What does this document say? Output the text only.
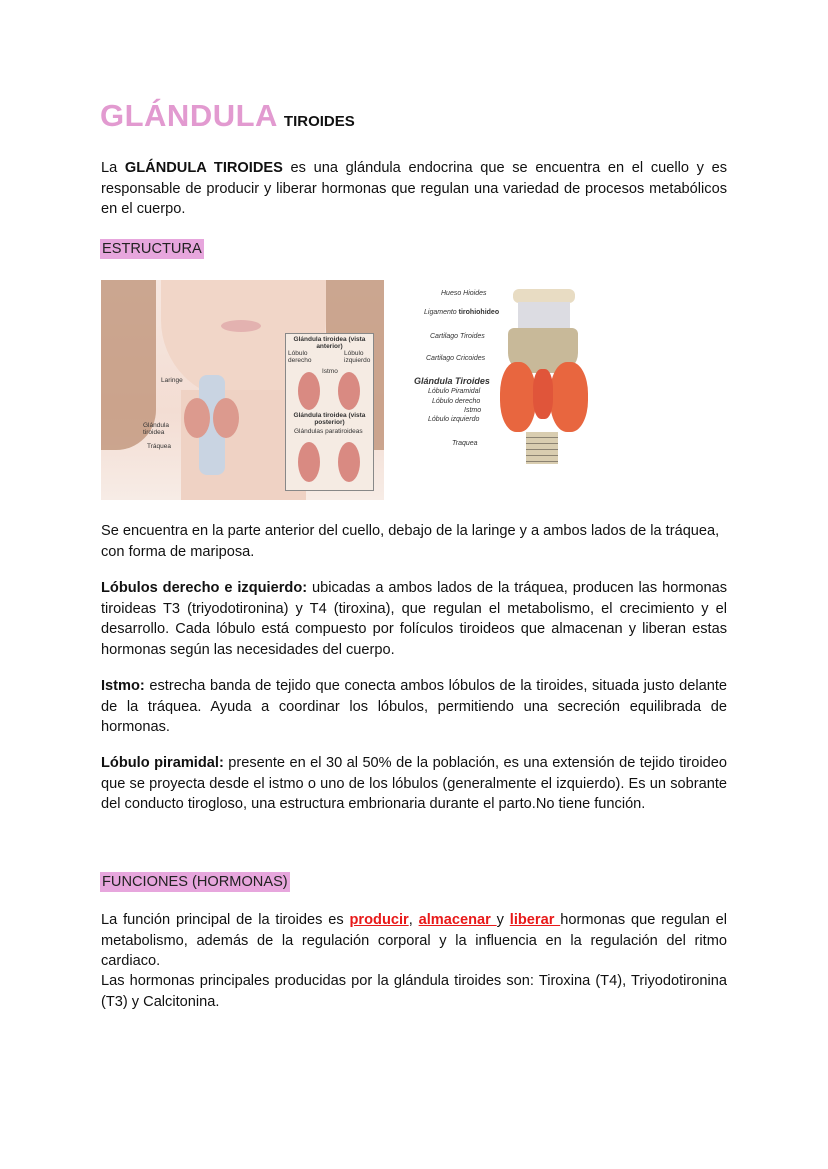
GLÁNDULA TIROIDES

La GLÁNDULA TIROIDES es una glándula endocrina que se encuentra en el cuello y es responsable de producir y liberar hormonas que regulan una variedad de procesos metabólicos en el cuerpo.

ESTRUCTURA
Laringe
Glándula tiroidea
Tráquea
Glándula tiroidea (vista anterior)
Lóbulo derecho
Lóbulo izquierdo
Istmo
Glándula tiroidea (vista posterior)
Glándulas paratiroideas
Hueso Hioides
Ligamento tirohiohideo
Cartilago Tiroides
Cartilago Cricoides
Glándula Tiroides
Lóbulo Piramidal
Lóbulo derecho
Istmo
Lóbulo izquierdo
Traquea

Se encuentra en la parte anterior del cuello, debajo de la laringe y a ambos lados de la tráquea, con forma de mariposa.

Lóbulos derecho e izquierdo: ubicadas a ambos lados de la tráquea, producen las hormonas tiroideas T3 (triyodotironina) y T4 (tiroxina), que regulan el metabolismo, el crecimiento y el desarrollo. Cada lóbulo está compuesto por folículos tiroideos que almacenan y liberan estas hormonas según las necesidades del cuerpo.

Istmo: estrecha banda de tejido que conecta ambos lóbulos de la tiroides, situada justo delante de la tráquea. Ayuda a coordinar los lóbulos, permitiendo una secreción equilibrada de hormonas.

Lóbulo piramidal: presente en el 30 al 50% de la población, es una extensión de tejido tiroideo que se proyecta desde el istmo o uno de los lóbulos (generalmente el izquierdo). Es un sobrante del conducto tirogloso, una estructura embrionaria durante el parto.No tiene función.

FUNCIONES (HORMONAS)

La función principal de la tiroides es producir, almacenar y liberar hormonas que regulan el metabolismo, además de la regulación corporal y la influencia en la regulación del ritmo cardiaco.

Las hormonas principales producidas por la glándula tiroides son: Tiroxina (T4), Triyodotironina (T3) y Calcitonina.
